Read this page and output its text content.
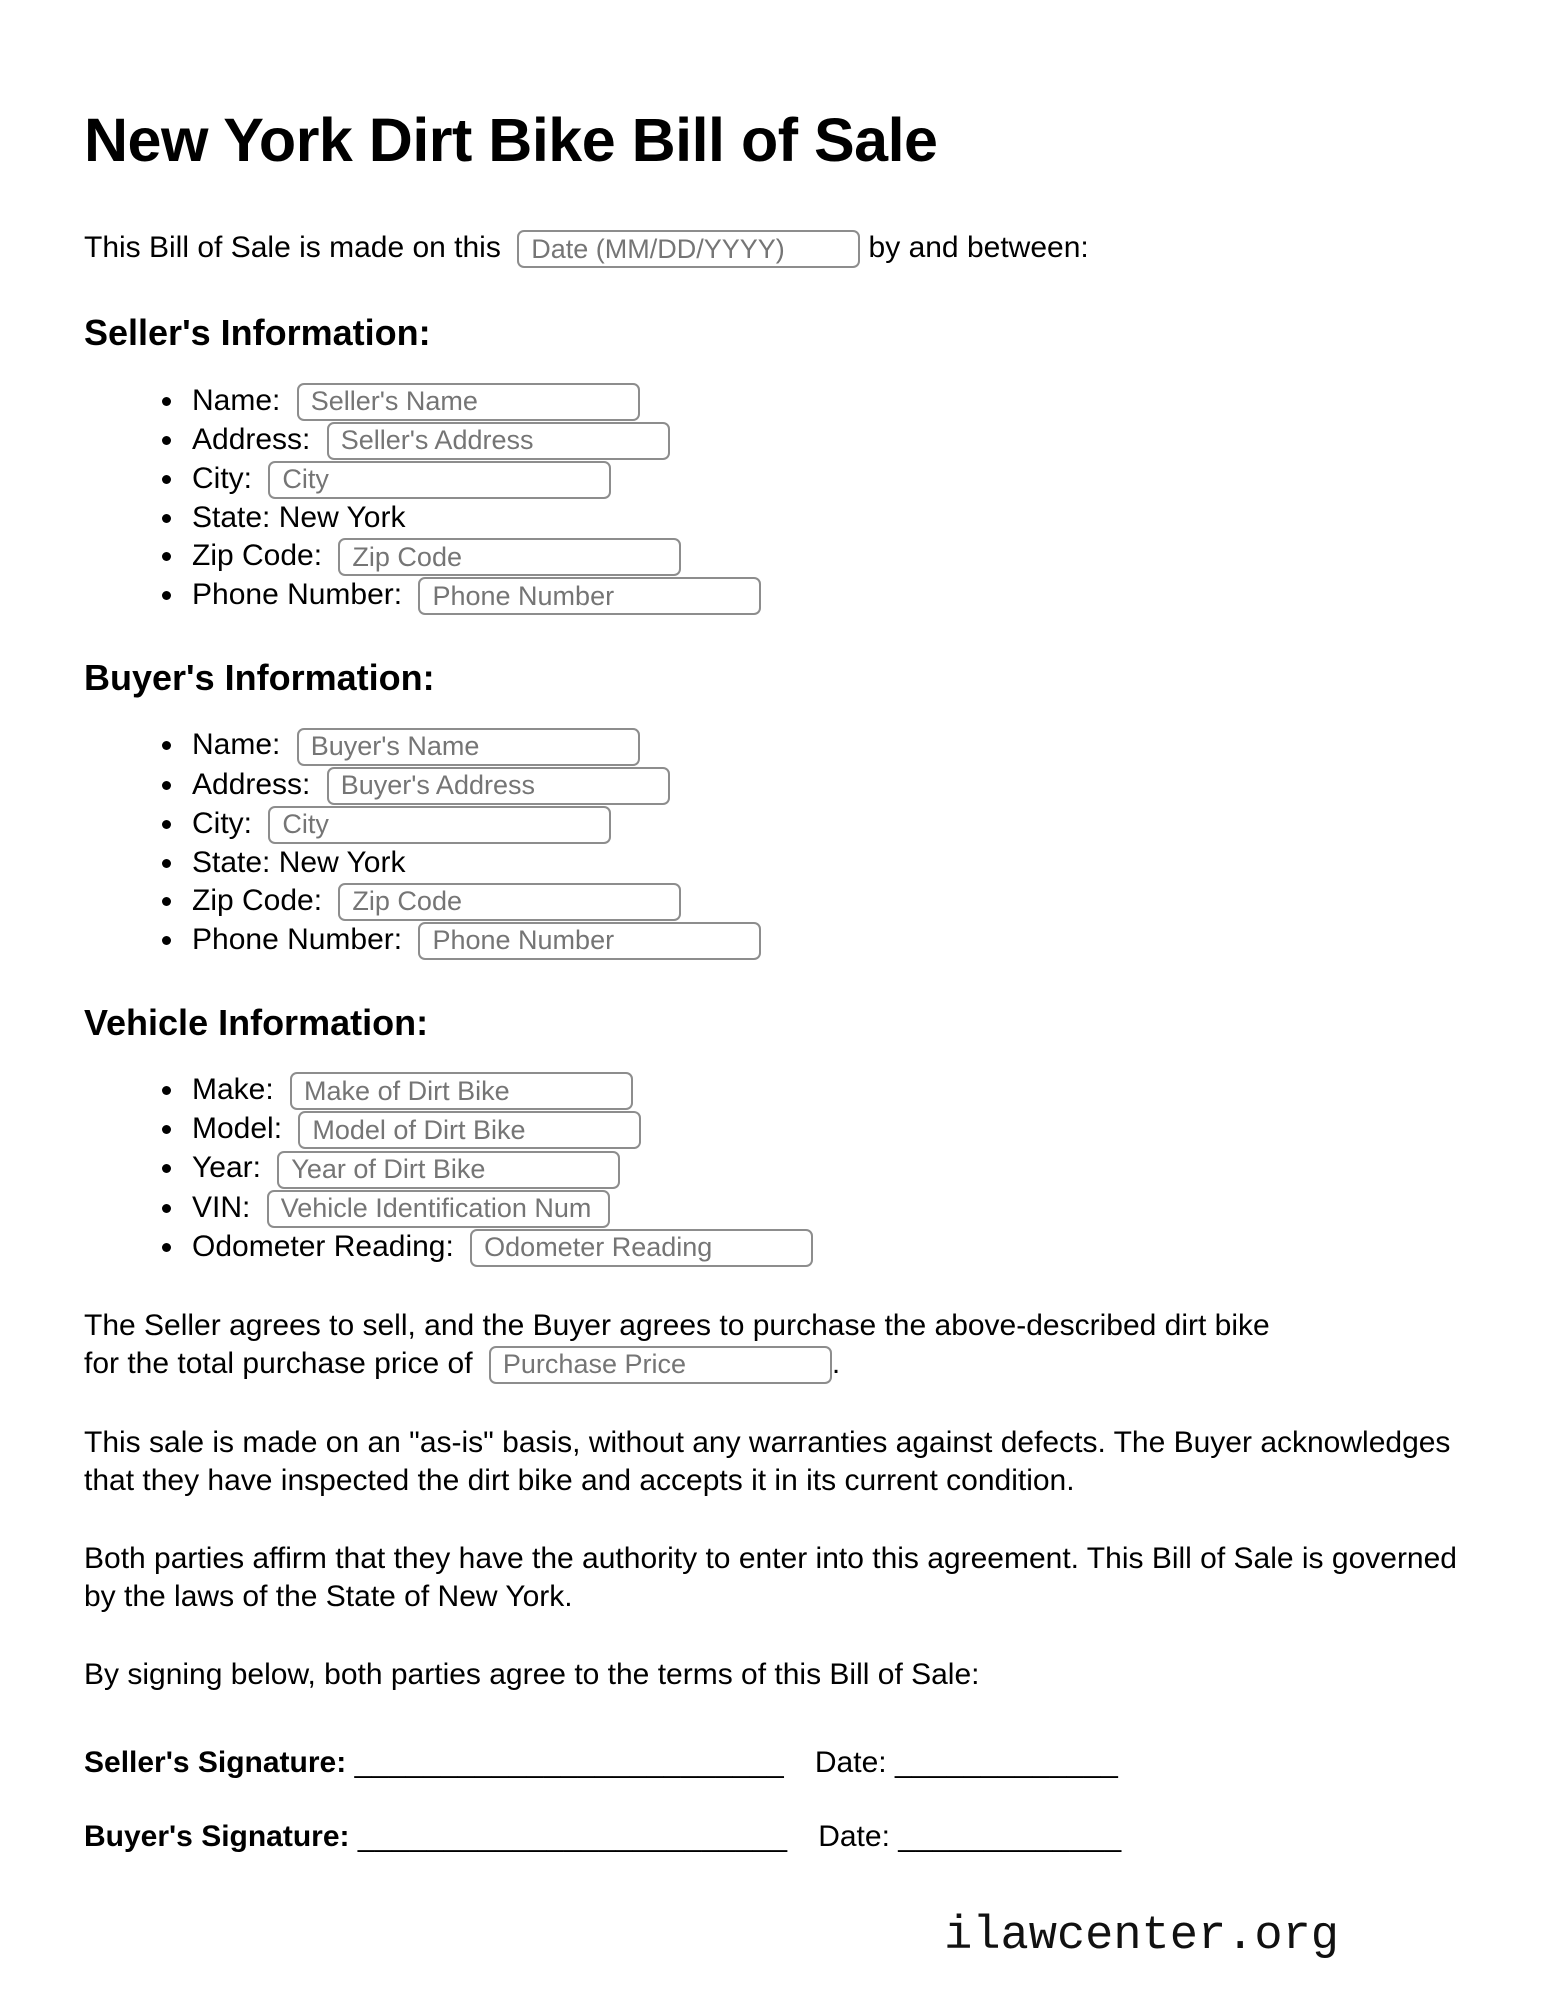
New York Dirt Bike Bill of Sale

This Bill of Sale is made on this Date (MM/DD/YYYY)	by and between:

Seller's Information:
• Name: Seller's Name
• Address: Seller's Address
• City: City
• State: New York
• Zip Code: Zip Code
• Phone Number: Phone Number
Buyer's Information:
• Name: Buyer's Name
• Address: Buyer's Address
• City: City
• State: New York
• Zip Code: Zip Code
• Phone Number: Phone Number
Vehicle Information:
• Make: Make of Dirt Bike
• Model: Model of Dirt Bike
• Year: Year of Dirt Bike
• VIN: Vehicle Identification Num
• Odometer Reading: Odometer Reading

The Seller agrees to sell, and the Buyer agrees to purchase the above-described dirt bike
for the total purchase price of Purchase Price	.

This sale is made on an "as-is" basis, without any warranties against defects. The Buyer acknowledges that they have inspected the dirt bike and accepts it in its current condition.

Both parties affirm that they have the authority to enter into this agreement. This Bill of Sale is governed by the laws of the State of New York.

By signing below, both parties agree to the terms of this Bill of Sale:

Seller's Signature: _________________________ Date: _____________
Buyer's Signature: _________________________ Date: _____________
ilawcenter.org
